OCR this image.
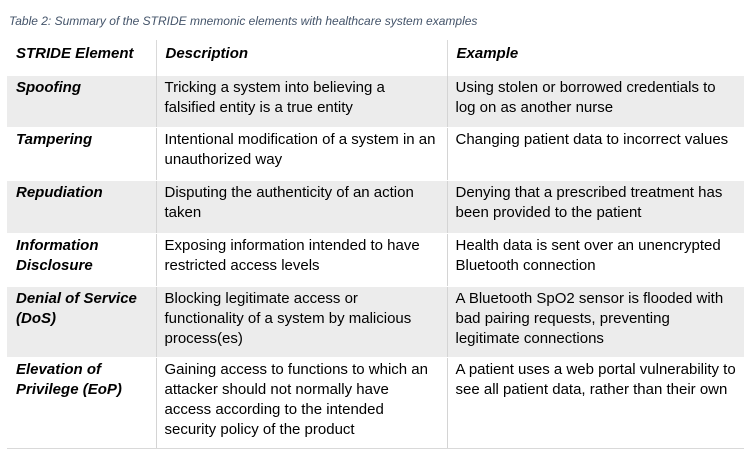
Table 2: Summary of the STRIDE mnemonic elements with healthcare system examples
STRIDE Element	Description	Example
Spoofing	Tricking a system into believing a falsified entity is a true entity	Using stolen or borrowed credentials to log on as another nurse
Tampering	Intentional modification of a system in an unauthorized way	Changing patient data to incorrect values
Repudiation	Disputing the authenticity of an action taken	Denying that a prescribed treatment has been provided to the patient
Information Disclosure	Exposing information intended to have restricted access levels	Health data is sent over an unencrypted Bluetooth connection
Denial of Service (DoS)	Blocking legitimate access or functionality of a system by malicious process(es)	A Bluetooth SpO2 sensor is flooded with bad pairing requests, preventing legitimate connections
Elevation of Privilege (EoP)	Gaining access to functions to which an attacker should not normally have access according to the intended security policy of the product	A patient uses a web portal vulnerability to see all patient data, rather than their own
